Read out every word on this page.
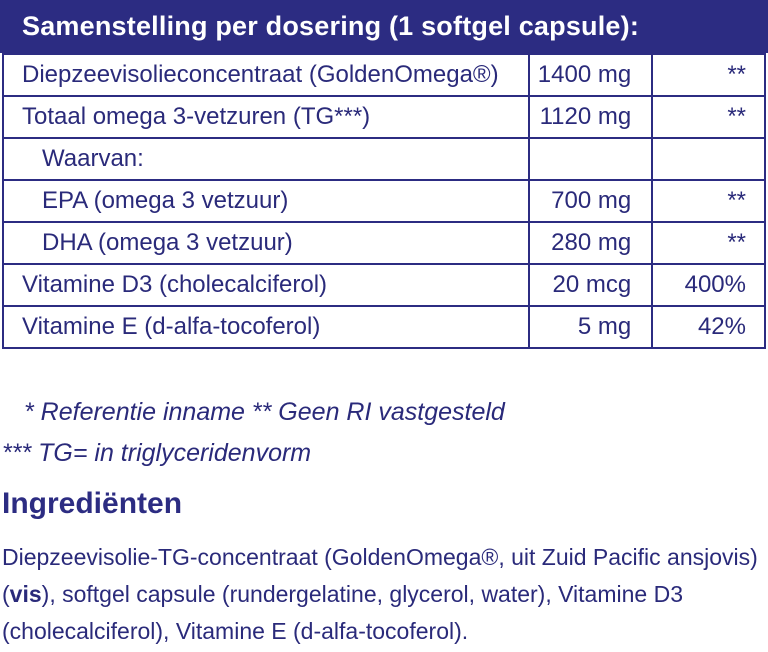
Samenstelling per dosering (1 softgel capsule):
Diepzeevisolieconcentraat (GoldenOmega®)	1400 mg	**
Totaal omega 3-vetzuren (TG***)	1120 mg	**
Waarvan:		
EPA (omega 3 vetzuur)	700 mg	**
DHA (omega 3 vetzuur)	280 mg	**
Vitamine D3 (cholecalciferol)	20 mcg	400%
Vitamine E (d-alfa-tocoferol)	5 mg	42%
* Referentie inname ** Geen RI vastgesteld
*** TG= in triglyceridenvorm
Ingrediënten
Diepzeevisolie-TG-concentraat (GoldenOmega®, uit Zuid Pacific ansjovis) (vis), softgel capsule (rundergelatine, glycerol, water), Vitamine D3 (cholecalciferol), Vitamine E (d-alfa-tocoferol).
